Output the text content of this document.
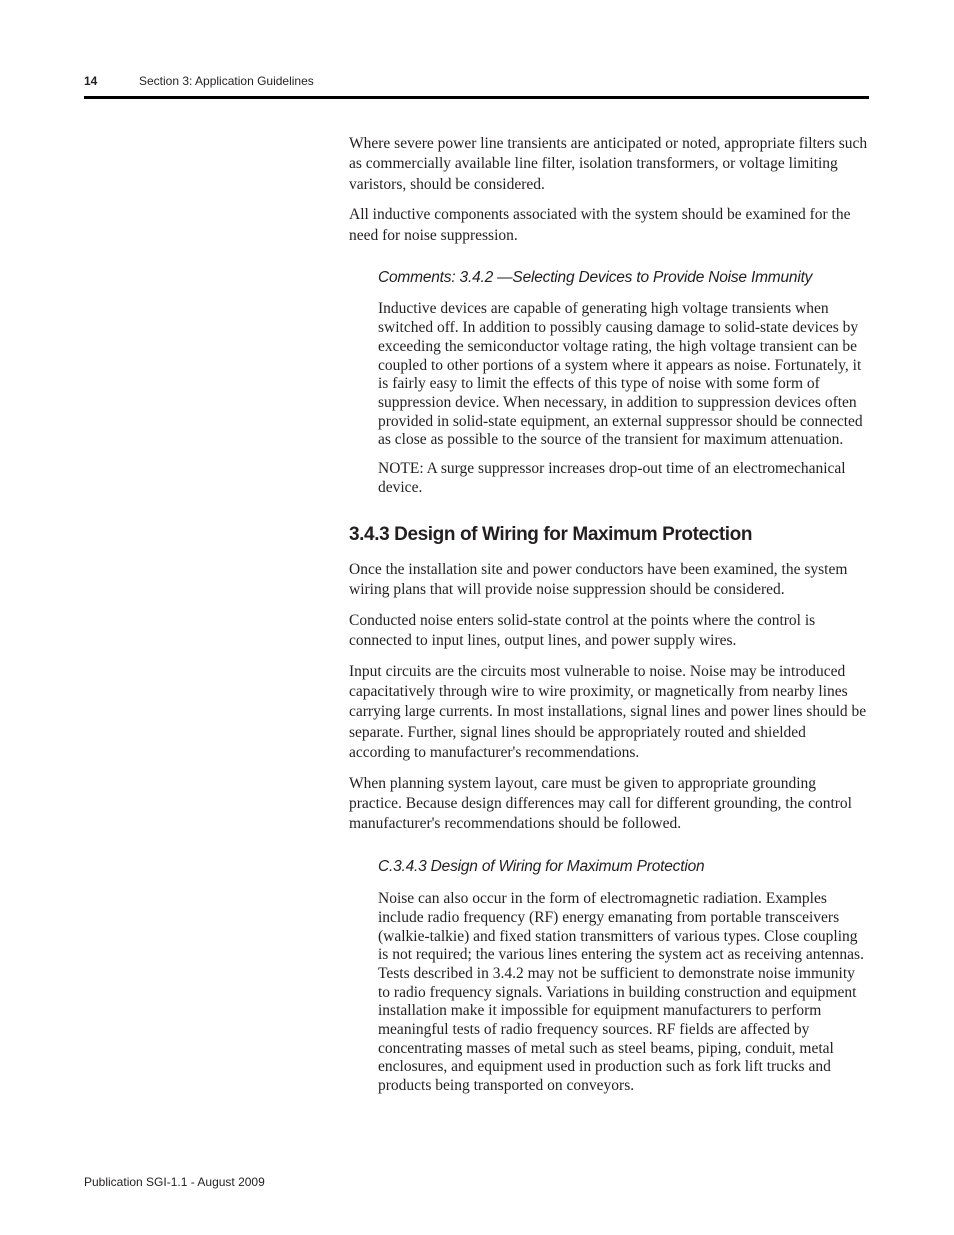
14	Section 3: Application Guidelines

Where severe power line transients are anticipated or noted, appropriate filters such as commercially available line filter, isolation transformers, or voltage limiting varistors, should be considered.

All inductive components associated with the system should be examined for the need for noise suppression.

Comments: 3.4.2 —Selecting Devices to Provide Noise Immunity

Inductive devices are capable of generating high voltage transients when switched off. In addition to possibly causing damage to solid-state devices by exceeding the semiconductor voltage rating, the high voltage transient can be coupled to other portions of a system where it appears as noise. Fortunately, it is fairly easy to limit the effects of this type of noise with some form of suppression device. When necessary, in addition to suppression devices often provided in solid-state equipment, an external suppressor should be connected as close as possible to the source of the transient for maximum attenuation.

NOTE: A surge suppressor increases drop-out time of an electromechanical device.

3.4.3 Design of Wiring for Maximum Protection

Once the installation site and power conductors have been examined, the system wiring plans that will provide noise suppression should be considered.

Conducted noise enters solid-state control at the points where the control is connected to input lines, output lines, and power supply wires.

Input circuits are the circuits most vulnerable to noise. Noise may be introduced capacitatively through wire to wire proximity, or magnetically from nearby lines carrying large currents. In most installations, signal lines and power lines should be separate. Further, signal lines should be appropriately routed and shielded according to manufacturer's recommendations.

When planning system layout, care must be given to appropriate grounding practice. Because design differences may call for different grounding, the control manufacturer's recommendations should be followed.

C.3.4.3 Design of Wiring for Maximum Protection

Noise can also occur in the form of electromagnetic radiation. Examples include radio frequency (RF) energy emanating from portable transceivers (walkie-talkie) and fixed station transmitters of various types. Close coupling is not required; the various lines entering the system act as receiving antennas. Tests described in 3.4.2 may not be sufficient to demonstrate noise immunity to radio frequency signals. Variations in building construction and equipment installation make it impossible for equipment manufacturers to perform meaningful tests of radio frequency sources. RF fields are affected by concentrating masses of metal such as steel beams, piping, conduit, metal enclosures, and equipment used in production such as fork lift trucks and products being transported on conveyors.

Publication SGI-1.1 - August 2009
